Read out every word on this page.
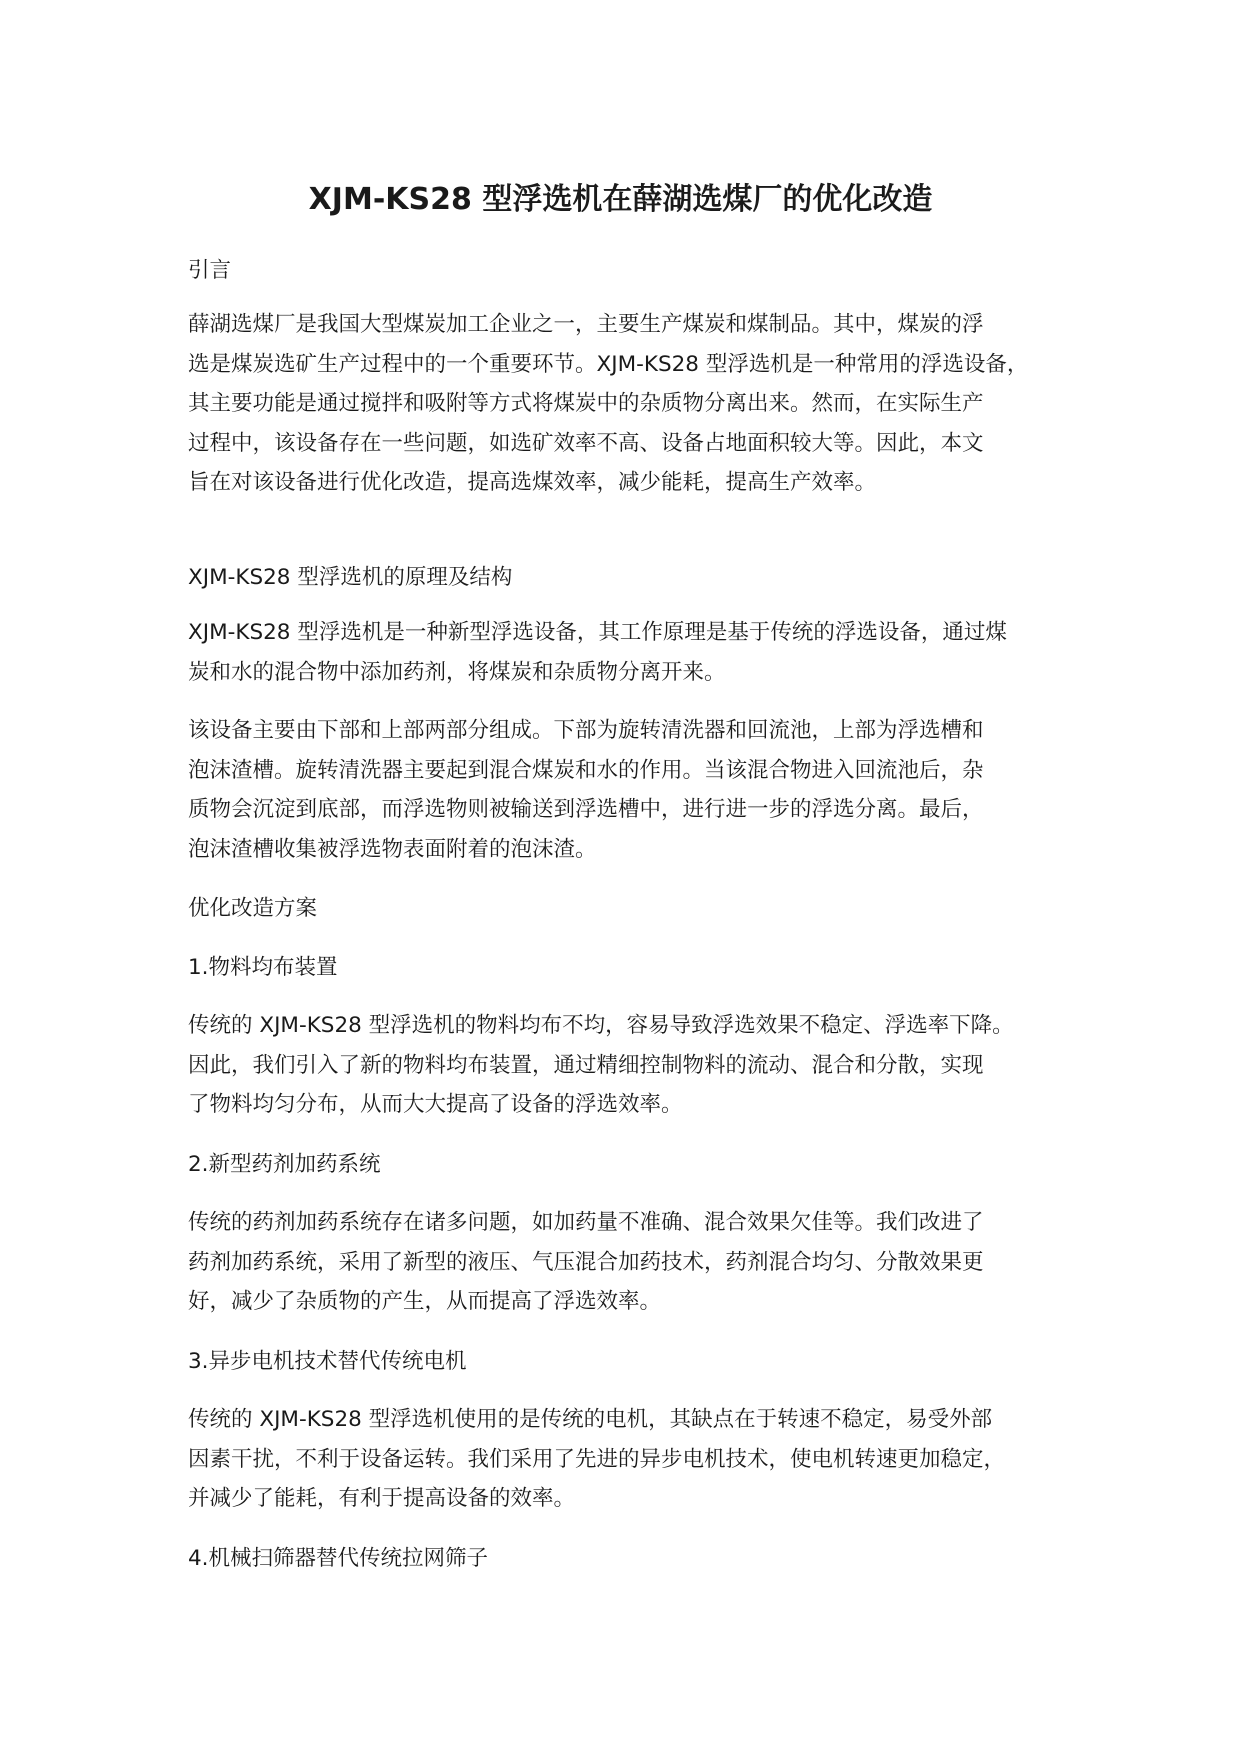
XJM-KS28 型浮选机在薛湖选煤厂的优化改造
引言
薛湖选煤厂是我国大型煤炭加工企业之一，主要生产煤炭和煤制品。其中，煤炭的浮
选是煤炭选矿生产过程中的一个重要环节。XJM-KS28 型浮选机是一种常用的浮选设备，
其主要功能是通过搅拌和吸附等方式将煤炭中的杂质物分离出来。然而，在实际生产
过程中，该设备存在一些问题，如选矿效率不高、设备占地面积较大等。因此，本文
旨在对该设备进行优化改造，提高选煤效率，减少能耗，提高生产效率。
XJM-KS28 型浮选机的原理及结构
XJM-KS28 型浮选机是一种新型浮选设备，其工作原理是基于传统的浮选设备，通过煤
炭和水的混合物中添加药剂，将煤炭和杂质物分离开来。
该设备主要由下部和上部两部分组成。下部为旋转清洗器和回流池，上部为浮选槽和
泡沫渣槽。旋转清洗器主要起到混合煤炭和水的作用。当该混合物进入回流池后，杂
质物会沉淀到底部，而浮选物则被输送到浮选槽中，进行进一步的浮选分离。最后，
泡沫渣槽收集被浮选物表面附着的泡沫渣。
优化改造方案
1.物料均布装置
传统的 XJM-KS28 型浮选机的物料均布不均，容易导致浮选效果不稳定、浮选率下降。
因此，我们引入了新的物料均布装置，通过精细控制物料的流动、混合和分散，实现
了物料均匀分布，从而大大提高了设备的浮选效率。
2.新型药剂加药系统
传统的药剂加药系统存在诸多问题，如加药量不准确、混合效果欠佳等。我们改进了
药剂加药系统，采用了新型的液压、气压混合加药技术，药剂混合均匀、分散效果更
好，减少了杂质物的产生，从而提高了浮选效率。
3.异步电机技术替代传统电机
传统的 XJM-KS28 型浮选机使用的是传统的电机，其缺点在于转速不稳定，易受外部
因素干扰，不利于设备运转。我们采用了先进的异步电机技术，使电机转速更加稳定，
并减少了能耗，有利于提高设备的效率。
4.机械扫筛器替代传统拉网筛子
